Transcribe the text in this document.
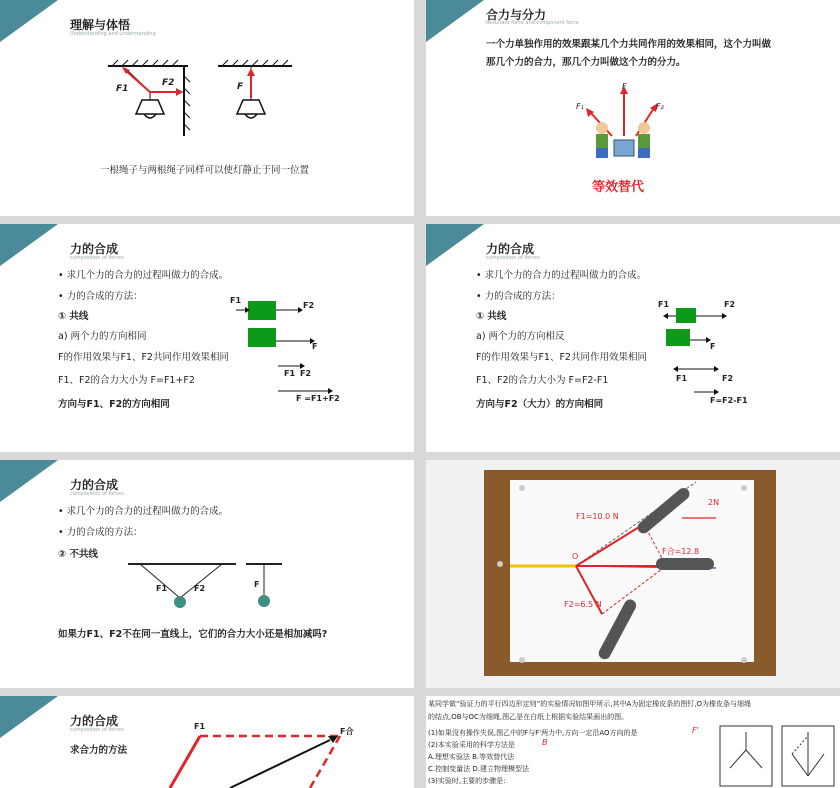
理解与体悟
Understanding and understanding
F1
F2	F
一根绳子与两根绳子同样可以使灯静止于同一位置
合力与分力
Resultant force and component force
一个力单独作用的效果跟某几个力共同作用的效果相同，这个力叫做
那几个力的合力，那几个力叫做这个力的分力。
F₁
F
F₂
等效替代
力的合成
composition of forces
• 求几个力的合力的过程叫做力的合成。
• 力的合成的方法：
① 共线
a) 两个力的方向相同
F的作用效果与F1、F2共同作用效果相同
F1、F2的合力大小为 F=F1+F2
方向与F1、F2的方向相同
F1
F2
F
F1 F2
F =F1+F2
力的合成
composition of forces
• 求几个力的合力的过程叫做力的合成。
• 力的合成的方法：
① 共线
a) 两个力的方向相反
F的作用效果与F1、F2共同作用效果相同
F1、F2的合力大小为 F=F2-F1
方向与F2（大力）的方向相同
F1	F2
F
F1	F2
F=F2-F1
力的合成
composition of forces
• 求几个力的合力的过程叫做力的合成。
• 力的合成的方法：
② 不共线
F1	F2	F
如果力F1、F2不在同一直线上，它们的合力大小还是相加减吗?
2N
F1=10.0 N
F合=12.8
O
F2=6.5 N
力的合成
composition of forces
求合力的方法
F1
F合
某同学做“验证力的平行四边形定则”的实验情况如图甲所示,其中A为固定橡皮条的图钉,O为橡皮条与细绳
的结点,OB与OC为细绳,图乙是在白纸上根据实验结果画出的图。
(1)如果没有操作失误,图乙中的F与F'两力中,方向一定沿AO方向的是	F'
(2)本实验采用的科学方法是	B
A.理想实验法 B.等效替代法
C.控制变量法 D.建立物理模型法
(3)实验时,主要的步骤是:
